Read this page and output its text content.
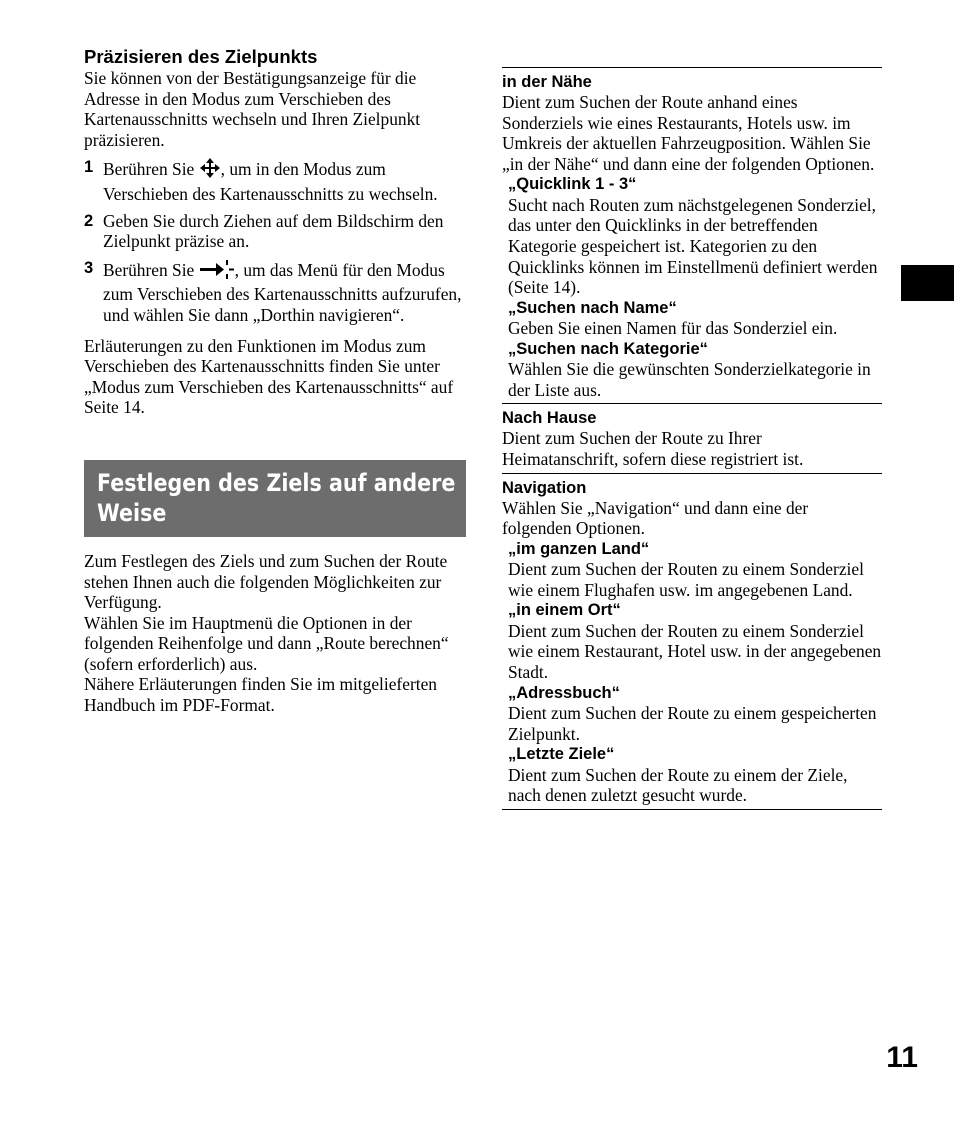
Präzisieren des Zielpunkts

Sie können von der Bestätigungsanzeige für die Adresse in den Modus zum Verschieben des Kartenausschnitts wechseln und Ihren Zielpunkt präzisieren.

1 Berühren Sie , um in den Modus zum Verschieben des Kartenausschnitts zu wechseln.
2 Geben Sie durch Ziehen auf dem Bildschirm den Zielpunkt präzise an.
3 Berühren Sie , um das Menü für den Modus zum Verschieben des Kartenausschnitts aufzurufen, und wählen Sie dann „Dorthin navigieren“.

Erläuterungen zu den Funktionen im Modus zum Verschieben des Kartenausschnitts finden Sie unter „Modus zum Verschieben des Kartenausschnitts“ auf Seite 14.

Festlegen des Ziels auf andere
Weise

Zum Festlegen des Ziels und zum Suchen der Route stehen Ihnen auch die folgenden Möglichkeiten zur Verfügung.

Wählen Sie im Hauptmenü die Optionen in der folgenden Reihenfolge und dann „Route berechnen“ (sofern erforderlich) aus.

Nähere Erläuterungen finden Sie im mitgelieferten Handbuch im PDF-Format.

in der Nähe

Dient zum Suchen der Route anhand eines Sonderziels wie eines Restaurants, Hotels usw. im Umkreis der aktuellen Fahrzeugposition. Wählen Sie „in der Nähe“ und dann eine der folgenden Optionen.

„Quicklink 1 - 3“

Sucht nach Routen zum nächstgelegenen Sonderziel, das unter den Quicklinks in der betreffenden Kategorie gespeichert ist. Kategorien zu den Quicklinks können im Einstellmenü definiert werden (Seite 14).

„Suchen nach Name“

Geben Sie einen Namen für das Sonderziel ein.

„Suchen nach Kategorie“

Wählen Sie die gewünschten Sonderzielkategorie in der Liste aus.

Nach Hause

Dient zum Suchen der Route zu Ihrer Heimatanschrift, sofern diese registriert ist.

Navigation

Wählen Sie „Navigation“ und dann eine der folgenden Optionen.

„im ganzen Land“

Dient zum Suchen der Routen zu einem Sonderziel wie einem Flughafen usw. im angegebenen Land.

„in einem Ort“

Dient zum Suchen der Routen zu einem Sonderziel wie einem Restaurant, Hotel usw. in der angegebenen Stadt.

„Adressbuch“

Dient zum Suchen der Route zu einem gespeicherten Zielpunkt.

„Letzte Ziele“

Dient zum Suchen der Route zu einem der Ziele, nach denen zuletzt gesucht wurde.

11
